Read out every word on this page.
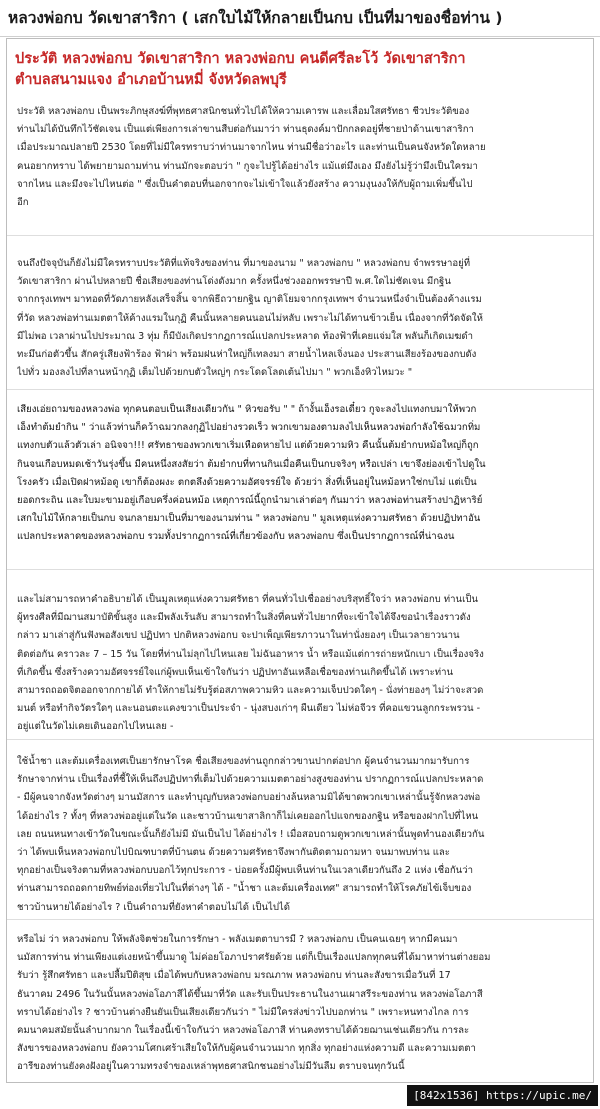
หลวงพ่อกบ วัดเขาสาริกา ( เสกใบไม้ให้กลายเป็นกบ เป็นที่มาของชื่อท่าน )
ประวัติ หลวงพ่อกบ วัดเขาสาริกา หลวงพ่อกบ คนดีศรีละโว้ วัดเขาสาริกา
ตำบลสนามแจง อำเภอบ้านหมี่ จังหวัดลพบุรี
ประวัติ หลวงพ่อกบ เป็นพระภิกษุสงฆ์ที่พุทธศาสนิกชนทั่วไปได้ให้ความเคารพ และเลื่อมใสศรัทธา ชีวประวัติของ
ท่านไม่ได้บันทึกไว้ชัดเจน เป็นแต่เพียงการเล่าขานสืบต่อกันมาว่า ท่านธุดงค์มาปักกลดอยู่ที่ชายป่าด้านเขาสาริกา
เมื่อประมาณปลายปี 2530 โดยที่ไม่มีใครทราบว่าท่านมาจากไหน ท่านมีชื่อว่าอะไร และท่านเป็นคนจังหวัดใดหลาย
คนอยากทราบ ได้พยายามถามท่าน ท่านมักจะตอบว่า " กูจะไปรู้ได้อย่างไร แม้แต่มึงเอง มึงยังไม่รู้ว่ามึงเป็นใครมา
จากไหน และมึงจะไปไหนต่อ " ซึ่งเป็นคำตอบที่นอกจากจะไม่เข้าใจแล้วยังสร้าง ความงุนงงให้กับผู้ถามเพิ่มขึ้นไป
อีก
จนถึงปัจจุบันก็ยังไม่มีใครทราบประวัติที่แท้จริงของท่าน ที่มาของนาม " หลวงพ่อกบ " หลวงพ่อกบ จำพรรษาอยู่ที่
วัดเขาสาริกา ผ่านไปหลายปี ชื่อเสียงของท่านโด่งดังมาก ครั้งหนึ่งช่วงออกพรรษาปี พ.ศ.ใดไม่ชัดเจน มีกฐิน
จากกรุงเทพฯ มาทอดที่วัดภายหลังเสร็จสิ้น จากพิธีถวายกฐิน ญาติโยมจากกรุงเทพฯ จำนวนหนึ่งจำเป็นต้องค้างแรม
ที่วัด หลวงพ่อท่านเมตตาให้ค้างแรมในกุฏิ คืนนั้นหลายคนนอนไม่หลับ เพราะไม่ได้ทานข้าวเย็น เนื่องจากที่วัดจัดให้
มีไม่พอ เวลาผ่านไปประมาณ 3 ทุ่ม ก็มีบังเกิดปรากฏการณ์แปลกประหลาด ท้องฟ้าที่เคยแจ่มใส พลันก็เกิดเมฆดำ
ทะมึนก่อตัวขึ้น สักครู่เสียงฟ้าร้อง ฟ้าผ่า พร้อมฝนห่าใหญ่ก็เทลงมา สายน้ำไหลเจิ่งนอง ประสานเสียงร้องของกบดัง
ไปทั่ว มองลงไปที่ลานหน้ากุฏิ เต็มไปด้วยกบตัวใหญ่ๆ กระโดดโลดเต้นไปมา " พวกเอ็งหิวไหมวะ "
เสียงเอ่ยถามของหลวงพ่อ ทุกคนตอบเป็นเสียงเดียวกัน " หิวขอรับ " " ถ้างั้นเอ็งรอเดี๋ยว กูจะลงไปแทงกบมาให้พวก
เอ็งทำต้มยำกิน " ว่าแล้วท่านก็คว้าฉมวกลงกุฏิไปอย่างรวดเร็ว พวกเขามองตามลงไปเห็นหลวงพ่อกำลังใช้ฉมวกทิ่ม
แทงกบตัวแล้วตัวเล่า อนิจจา!!! ศรัทธาของพวกเขาเริ่มเหือดหายไป แต่ด้วยความหิว คืนนั้นต้มยำกบหม้อใหญ่ก็ถูก
กินจนเกือบหมดเช้าวันรุ่งขึ้น มีคนหนึ่งสงสัยว่า ต้มยำกบที่ทานกินเมื่อคืนเป็นกบจริงๆ หรือเปล่า เขาจึงย่องเข้าไปดูใน
โรงครัว เมื่อเปิดฝาหม้อดู เขาก็ต้องผงะ ตกตลึงด้วยความอัศจรรย์ใจ ด้วยว่า สิ่งที่เห็นอยู่ในหม้อหาใช่กบไม่ แต่เป็น
ยอดกระถิน และใบมะขามอยู่เกือบครึ่งค่อนหม้อ เหตุการณ์นี้ถูกนำมาเล่าต่อๆ กันมาว่า หลวงพ่อท่านสร้างปาฏิหาริย์
เสกใบไม้ให้กลายเป็นกบ จนกลายมาเป็นที่มาของนามท่าน " หลวงพ่อกบ " มูลเหตุแห่งความศรัทธา ด้วยปฏิปทาอัน
แปลกประหลาดของหลวงพ่อกบ รวมทั้งปรากฏการณ์ที่เกี่ยวข้องกับ หลวงพ่อกบ ซึ่งเป็นปรากฏการณ์ที่น่าฉงน
และไม่สามารถหาคำอธิบายได้ เป็นมูลเหตุแห่งความศรัทธา ที่คนทั่วไปเชื่ออย่างบริสุทธิ์ใจว่า หลวงพ่อกบ ท่านเป็น
ผู้ทรงศีลที่มีฌานสมาบัติขั้นสูง และมีพลังเร้นลับ สามารถทำในสิ่งที่คนทั่วไปยากที่จะเข้าใจได้จึงขอนำเรื่องราวดัง
กล่าว มาเล่าสู่กันฟังพอสังเขป ปฏิปทา ปกติหลวงพ่อกบ จะปาเพ็ญเพียรภาวนาในท่านั่งยองๆ เป็นเวลายาวนาน
ติดต่อกัน คราวละ 7 – 15 วัน โดยที่ท่านไม่ลุกไปไหนเลย ไม่ฉันอาหาร น้ำ หรือแม้แต่การถ่ายหนักเบา เป็นเรื่องจริง
ที่เกิดขึ้น ซึ่งสร้างความอัศจรรย์ใจแก่ผู้พบเห็นเข้าใจกันว่า ปฏิปทาอันเหลือเชื่อของท่านเกิดขึ้นได้ เพราะท่าน
สามารถถอดจิตออกจากกายได้ ทำให้กายไม่รับรู้ต่อสภาพความหิว และความเจ็บปวดใดๆ - นั่งท่ายองๆ ไม่ว่าจะสวด
มนต์ หรือทำกิจวัตรใดๆ และนอนตะแคงขวาเป็นประจำ - นุ่งสบงเก่าๆ ผืนเดียว ไม่ห่อจีวร ที่คอแขวนลูกกระพรวน -
อยู่แต่ในวัดไม่เคยเดินออกไปไหนเลย -
ใช้น้ำชา และต้มเครื่องเทศเป็นยารักษาโรค ชื่อเสียงของท่านถูกกล่าวขานปากต่อปาก ผู้คนจำนวนมากมารับการ
รักษาจากท่าน เป็นเรื่องที่ชี้ให้เห็นถึงปฏิปทาที่เต็มไปด้วยความเมตตาอย่างสูงของท่าน ปรากฏการณ์แปลกประหลาด
- มีผู้คนจากจังหวัดต่างๆ มานมัสการ และทำบุญกับหลวงพ่อกบอย่างล้นหลามมิได้ขาดพวกเขาเหล่านั้นรู้จักหลวงพ่อ
ได้อย่างไร ? ทั้งๆ ที่หลวงพ่ออยู่แต่ในวัด และชาวบ้านเขาสาลิกาก็ไม่เคยออกไปแจกของกฐิน หรือของฝากไปที่ไหน
เลย ถนนหนทางเข้าวัดในขณะนั้นก็ยังไม่มี มันเป็นไป ได้อย่างไร ! เมื่อสอบถามดูพวกเขาเหล่านั้นพูดทำนองเดียวกัน
ว่า ได้พบเห็นหลวงพ่อกบไปบิณฑบาตที่บ้านตน ด้วยความศรัทธาจึงพากันติดตามถามหา จนมาพบท่าน และ
ทุกอย่างเป็นจริงตามที่หลวงพ่อกบบอกไว้ทุกประการ - บ่อยครั้งมีผู้พบเห็นท่านในเวลาเดียวกันถึง 2 แห่ง เชื่อกันว่า
ท่านสามารถถอดกายทิพย์ท่องเที่ยวไปในที่ต่างๆ ได้ - "น้ำชา และต้มเครื่องเทศ" สามารถทำให้โรคภัยไข้เจ็บของ
ชาวบ้านหายได้อย่างไร ? เป็นคำถามที่ยังหาคำตอบไม่ได้ เป็นไปได้
หรือไม่ ว่า หลวงพ่อกบ ให้พลังจิตช่วยในการรักษา - พลังเมตตาบารมี ? หลวงพ่อกบ เป็นคนเฉยๆ หากมีคนมา
นมัสการท่าน ท่านเพียงแต่เงยหน้าขึ้นมาดู ไม่ค่อยโอภาปราศรัยด้วย แต่ก็เป็นเรื่องแปลกทุกคนที่ได้มาหาท่านต่างยอม
รับว่า รู้สึกศรัทธา และปลื้มปีติสุข เมื่อได้พบกับหลวงพ่อกบ มรณภาพ หลวงพ่อกบ ท่านละสังขารเมื่อวันที่ 17
ธันวาคม 2496 ในวันนั้นหลวงพ่อโอภาสีได้ขึ้นมาที่วัด และรับเป็นประธานในงานเผาสรีระของท่าน หลวงพ่อโอภาสี
ทราบได้อย่างไร ? ชาวบ้านต่างยืนยันเป็นเสียงเดียวกันว่า " ไม่มีใครส่งข่าวไปบอกท่าน " เพราะหนทางไกล การ
คมนาคมสมัยนั้นลำบากมาก ในเรื่องนี้เข้าใจกันว่า หลวงพ่อโอภาสี ท่านคงทราบได้ด้วยฌานเช่นเดียวกัน การละ
สังขารของหลวงพ่อกบ ยังความโศกเศร้าเสียใจให้กับผู้คนจำนวนมาก ทุกสิ่ง ทุกอย่างแห่งความดี และความเมตตา
อารีของท่านยังคงฝังอยู่ในความทรงจำของเหล่าพุทธศาสนิกชนอย่างไม่มีวันลืม ตราบจนทุกวันนี้
[842x1536] https://upic.me/
